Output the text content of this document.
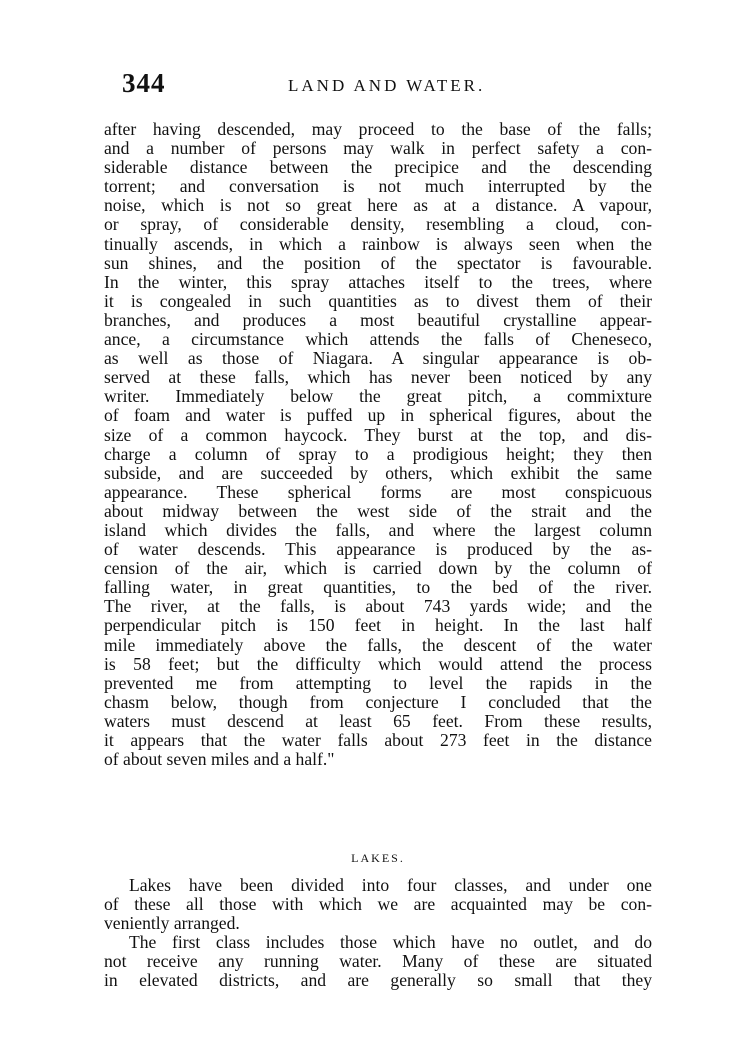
344	LAND AND WATER.
after having descended, may proceed to the base of the falls;
and a number of persons may walk in perfect safety a con-
siderable distance between the precipice and the descending
torrent; and conversation is not much interrupted by the
noise, which is not so great here as at a distance. A vapour,
or spray, of considerable density, resembling a cloud, con-
tinually ascends, in which a rainbow is always seen when the
sun shines, and the position of the spectator is favourable.
In the winter, this spray attaches itself to the trees, where
it is congealed in such quantities as to divest them of their
branches, and produces a most beautiful crystalline appear-
ance, a circumstance which attends the falls of Cheneseco,
as well as those of Niagara. A singular appearance is ob-
served at these falls, which has never been noticed by any
writer. Immediately below the great pitch, a commixture
of foam and water is puffed up in spherical figures, about the
size of a common haycock. They burst at the top, and dis-
charge a column of spray to a prodigious height; they then
subside, and are succeeded by others, which exhibit the same
appearance. These spherical forms are most conspicuous
about midway between the west side of the strait and the
island which divides the falls, and where the largest column
of water descends. This appearance is produced by the as-
cension of the air, which is carried down by the column of
falling water, in great quantities, to the bed of the river.
The river, at the falls, is about 743 yards wide; and the
perpendicular pitch is 150 feet in height. In the last half
mile immediately above the falls, the descent of the water
is 58 feet; but the difficulty which would attend the process
prevented me from attempting to level the rapids in the
chasm below, though from conjecture I concluded that the
waters must descend at least 65 feet. From these results,
it appears that the water falls about 273 feet in the distance
of about seven miles and a half."
LAKES.
Lakes have been divided into four classes, and under one
of these all those with which we are acquainted may be con-
veniently arranged.
The first class includes those which have no outlet, and do
not receive any running water. Many of these are situated
in elevated districts, and are generally so small that they
